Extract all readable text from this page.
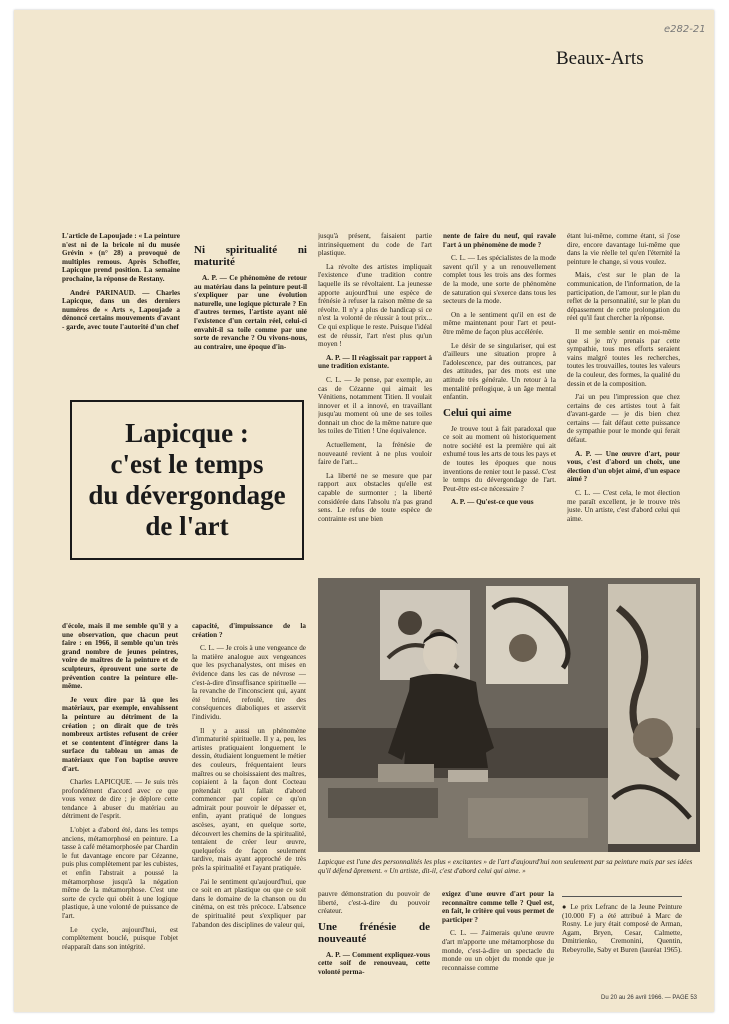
e282-21
Beaux-Arts

L'article de Lapoujade : « La peinture n'est ni de la bricole ni du musée Grévin » (n° 28) a provoqué de multiples remous. Après Schoffer, Lapicque prend position. La semaine prochaine, la réponse de Restany.

André PARINAUD. — Charles Lapicque, dans un des derniers numéros de « Arts », Lapoujade a dénoncé certains mouvements d'avant - garde, avec toute l'autorité d'un chef

Ni spiritualité ni maturité

A. P. — Ce phénomène de retour au matériau dans la peinture peut-il s'expliquer par une évolution naturelle, une logique picturale ? En d'autres termes, l'artiste ayant nié l'existence d'un certain réel, celui-ci envahit-il sa toile comme par une sorte de revanche ? Ou vivons-nous, au contraire, une époque d'in-

jusqu'à présent, faisaient partie intrinsèquement du code de l'art plastique.

La révolte des artistes impliquait l'existence d'une tradition contre laquelle ils se révoltaient. La jeunesse apporte aujourd'hui une espèce de frénésie à refuser la raison même de sa révolte. Il n'y a plus de handicap si ce n'est la volonté de réussir à tout prix... Ce qui explique le reste. Puisque l'idéal est de réussir, l'art n'est plus qu'un moyen !

A. P. — Il réagissait par rapport à une tradition existante.

C. L. — Je pense, par exemple, au cas de Cézanne qui aimait les Vénitiens, notamment Titien. Il voulait innover et il a innové, en travaillant jusqu'au moment où une de ses toiles donnait un choc de la même nature que les toiles de Titien ! Une équivalence.

Actuellement, la frénésie de nouveauté revient à ne plus vouloir faire de l'art...

La liberté ne se mesure que par rapport aux obstacles qu'elle est capable de surmonter ; la liberté considérée dans l'absolu n'a pas grand sens. Le refus de toute espèce de contrainte est une bien

nente de faire du neuf, qui ravale l'art à un phénomène de mode ?

C. L. — Les spécialistes de la mode savent qu'il y a un renouvellement complet tous les trois ans des formes de la mode, une sorte de phénomène de saturation qui s'exerce dans tous les secteurs de la mode.

On a le sentiment qu'il en est de même maintenant pour l'art et peut-être même de façon plus accélérée.

Le désir de se singulariser, qui est d'ailleurs une situation propre à l'adolescence, par des outrances, par des attitudes, par des mots est une attitude très générale. Un retour à la mentalité prélogique, à un âge mental enfantin.

Celui qui aime

Je trouve tout à fait paradoxal que ce soit au moment où historiquement notre société est la première qui ait exhumé tous les arts de tous les pays et de toutes les époques que nous inventions de renier tout le passé. C'est le temps du dévergondage de l'art. Peut-être est-ce nécessaire ?

A. P. — Qu'est-ce que vous

étant lui-même, comme étant, si j'ose dire, encore davantage lui-même que dans la vie réelle tel qu'en l'éternité la peinture le change, si vous voulez.

Mais, c'est sur le plan de la communication, de l'information, de la participation, de l'amour, sur le plan du reflet de la personnalité, sur le plan du dépassement de cette prolongation du réel qu'il faut chercher la réponse.

Il me semble sentir en moi-même que si je m'y prenais par cette sympathie, tous mes efforts seraient vains malgré toutes les recherches, toutes les trouvailles, toutes les valeurs de la couleur, des formes, la qualité du dessin et de la composition.

J'ai un peu l'impression que chez certains de ces artistes tout à fait d'avant-garde — je dis bien chez certains — fait défaut cette puissance de sympathie pour le monde qui ferait défaut.

A. P. — Une œuvre d'art, pour vous, c'est d'abord un choix, une élection d'un objet aimé, d'un espace aimé ?

C. L. — C'est cela, le mot élection me paraît excellent, je le trouve très juste. Un artiste, c'est d'abord celui qui aime.

Lapicque :
c'est le temps
du dévergondage
de l'art

d'école, mais il me semble qu'il y a une observation, que chacun peut faire : en 1966, il semble qu'un très grand nombre de jeunes peintres, voire de maîtres de la peinture et de sculpteurs, éprouvent une sorte de prévention contre la peinture elle-même.

Je veux dire par là que les matériaux, par exemple, envahissent la peinture au détriment de la création ; on dirait que de très nombreux artistes refusent de créer et se contentent d'intégrer dans la surface du tableau un amas de matériaux que l'on baptise œuvre d'art.

Charles LAPICQUE. — Je suis très profondément d'accord avec ce que vous venez de dire ; je déplore cette tendance à abuser du matériau au détriment de l'esprit.

L'objet a d'abord été, dans les temps anciens, métamorphosé en peinture. La tasse à café métamorphosée par Chardin le fut davantage encore par Cézanne, puis plus complètement par les cubistes, et enfin l'abstrait a poussé la métamorphose jusqu'à la négation même de la métamorphose. C'est une sorte de cycle qui obéit à une logique plastique, à une volonté de puissance de l'art.

Le cycle, aujourd'hui, est complètement bouclé, puisque l'objet réapparaît dans son intégrité.

capacité, d'impuissance de la création ?

C. L. — Je crois à une vengeance de la matière analogue aux vengeances que les psychanalystes, ont mises en évidence dans les cas de névrose — c'est-à-dire d'insuffisance spirituelle — la revanche de l'inconscient qui, ayant été brimé, refoulé, tire des conséquences diaboliques et asservit l'individu.

Il y a aussi un phénomène d'immaturité spirituelle. Il y a, peu, les artistes pratiquaient longuement le dessin, étudiaient longuement le métier des couleurs, fréquentaient leurs maîtres ou se choisissaient des maîtres, copiaient à la façon dont Cocteau prétendait qu'il fallait d'abord commencer par copier ce qu'on admirait pour pouvoir le dépasser et, enfin, ayant pratiqué de longues ascèses, ayant, en quelque sorte, découvert les chemins de la spiritualité, tentaient de créer leur œuvre, quelquefois de façon seulement tardive, mais ayant approché de très près la spiritualité et l'ayant pratiquée.

J'ai le sentiment qu'aujourd'hui, que ce soit en art plastique ou que ce soit dans le domaine de la chanson ou du cinéma, on est très précoce. L'absence de spiritualité peut s'expliquer par l'abandon des disciplines de valeur qui,

Lapicque est l'une des personnalités les plus « excitantes » de l'art d'aujourd'hui non seulement par sa peinture mais par ses idées qu'il défend âprement. « Un artiste, dit-il, c'est d'abord celui qui aime. »

pauvre démonstration du pouvoir de liberté, c'est-à-dire du pouvoir créateur.

Une frénésie de nouveauté

A. P. — Comment expliquez-vous cette soif de renouveau, cette volonté perma-

exigez d'une œuvre d'art pour la reconnaître comme telle ? Quel est, en fait, le critère qui vous permet de participer ?

C. L. — J'aimerais qu'une œuvre d'art m'apporte une métamorphose du monde, c'est-à-dire un spectacle du monde ou un objet du monde que je reconnaisse comme

● Le prix Lefranc de la Jeune Peinture (10.000 F) a été attribué à Marc de Rosny. Le jury était composé de Arman, Agam, Bryen, Cesar, Calmette, Dmitrienko, Cremonini, Quentin, Rebeyrolle, Saby et Buren (lauréat 1965).

Du 20 au 26 avril 1966. — PAGE 53
